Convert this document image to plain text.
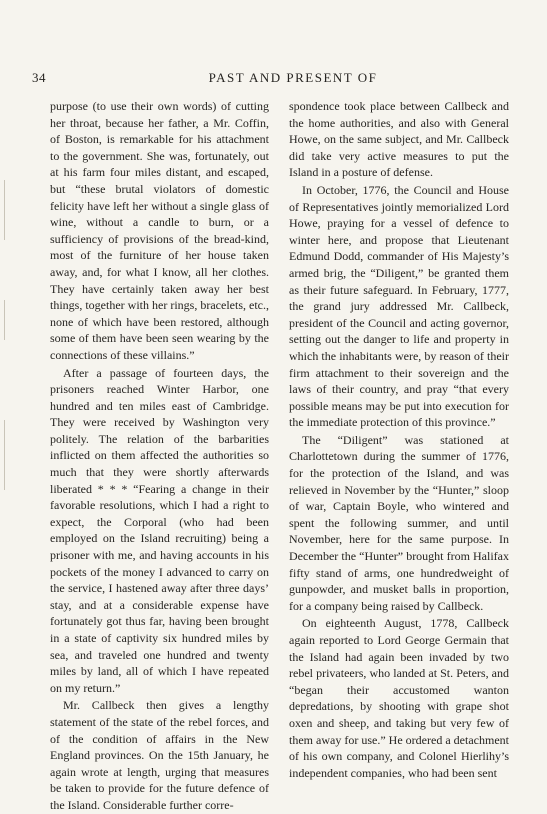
34	PAST AND PRESENT OF

purpose (to use their own words) of cutting her throat, because her father, a Mr. Coffin, of Boston, is remarkable for his attachment to the government. She was, fortunately, out at his farm four miles distant, and escaped, but “these brutal violators of domestic felicity have left her without a single glass of wine, without a candle to burn, or a sufficiency of provisions of the bread-kind, most of the furniture of her house taken away, and, for what I know, all her clothes. They have certainly taken away her best things, together with her rings, bracelets, etc., none of which have been restored, although some of them have been seen wearing by the connections of these villains.”

After a passage of fourteen days, the prisoners reached Winter Harbor, one hundred and ten miles east of Cambridge. They were received by Washington very politely. The relation of the barbarities inflicted on them affected the authorities so much that they were shortly afterwards liberated * * * “Fearing a change in their favorable resolutions, which I had a right to expect, the Corporal (who had been employed on the Island recruiting) being a prisoner with me, and having accounts in his pockets of the money I advanced to carry on the service, I hastened away after three days’ stay, and at a considerable expense have fortunately got thus far, having been brought in a state of captivity six hundred miles by sea, and traveled one hundred and twenty miles by land, all of which I have repeated on my return.”

Mr. Callbeck then gives a lengthy statement of the state of the rebel forces, and of the condition of affairs in the New England provinces. On the 15th January, he again wrote at length, urging that measures be taken to provide for the future defence of the Island. Considerable further corre-

spondence took place between Callbeck and the home authorities, and also with General Howe, on the same subject, and Mr. Callbeck did take very active measures to put the Island in a posture of defense.

In October, 1776, the Council and House of Representatives jointly memorialized Lord Howe, praying for a vessel of defence to winter here, and propose that Lieutenant Edmund Dodd, commander of His Majesty’s armed brig, the “Diligent,” be granted them as their future safeguard. In February, 1777, the grand jury addressed Mr. Callbeck, president of the Council and acting governor, setting out the danger to life and property in which the inhabitants were, by reason of their firm attachment to their sovereign and the laws of their country, and pray “that every possible means may be put into execution for the immediate protection of this province.”

The “Diligent” was stationed at Charlottetown during the summer of 1776, for the protection of the Island, and was relieved in November by the “Hunter,” sloop of war, Captain Boyle, who wintered and spent the following summer, and until November, here for the same purpose. In December the “Hunter” brought from Halifax fifty stand of arms, one hundredweight of gunpowder, and musket balls in proportion, for a company being raised by Callbeck.

On eighteenth August, 1778, Callbeck again reported to Lord George Germain that the Island had again been invaded by two rebel privateers, who landed at St. Peters, and “began their accustomed wanton depredations, by shooting with grape shot oxen and sheep, and taking but very few of them away for use.” He ordered a detachment of his own company, and Colonel Hierlihy’s independent companies, who had been sent
